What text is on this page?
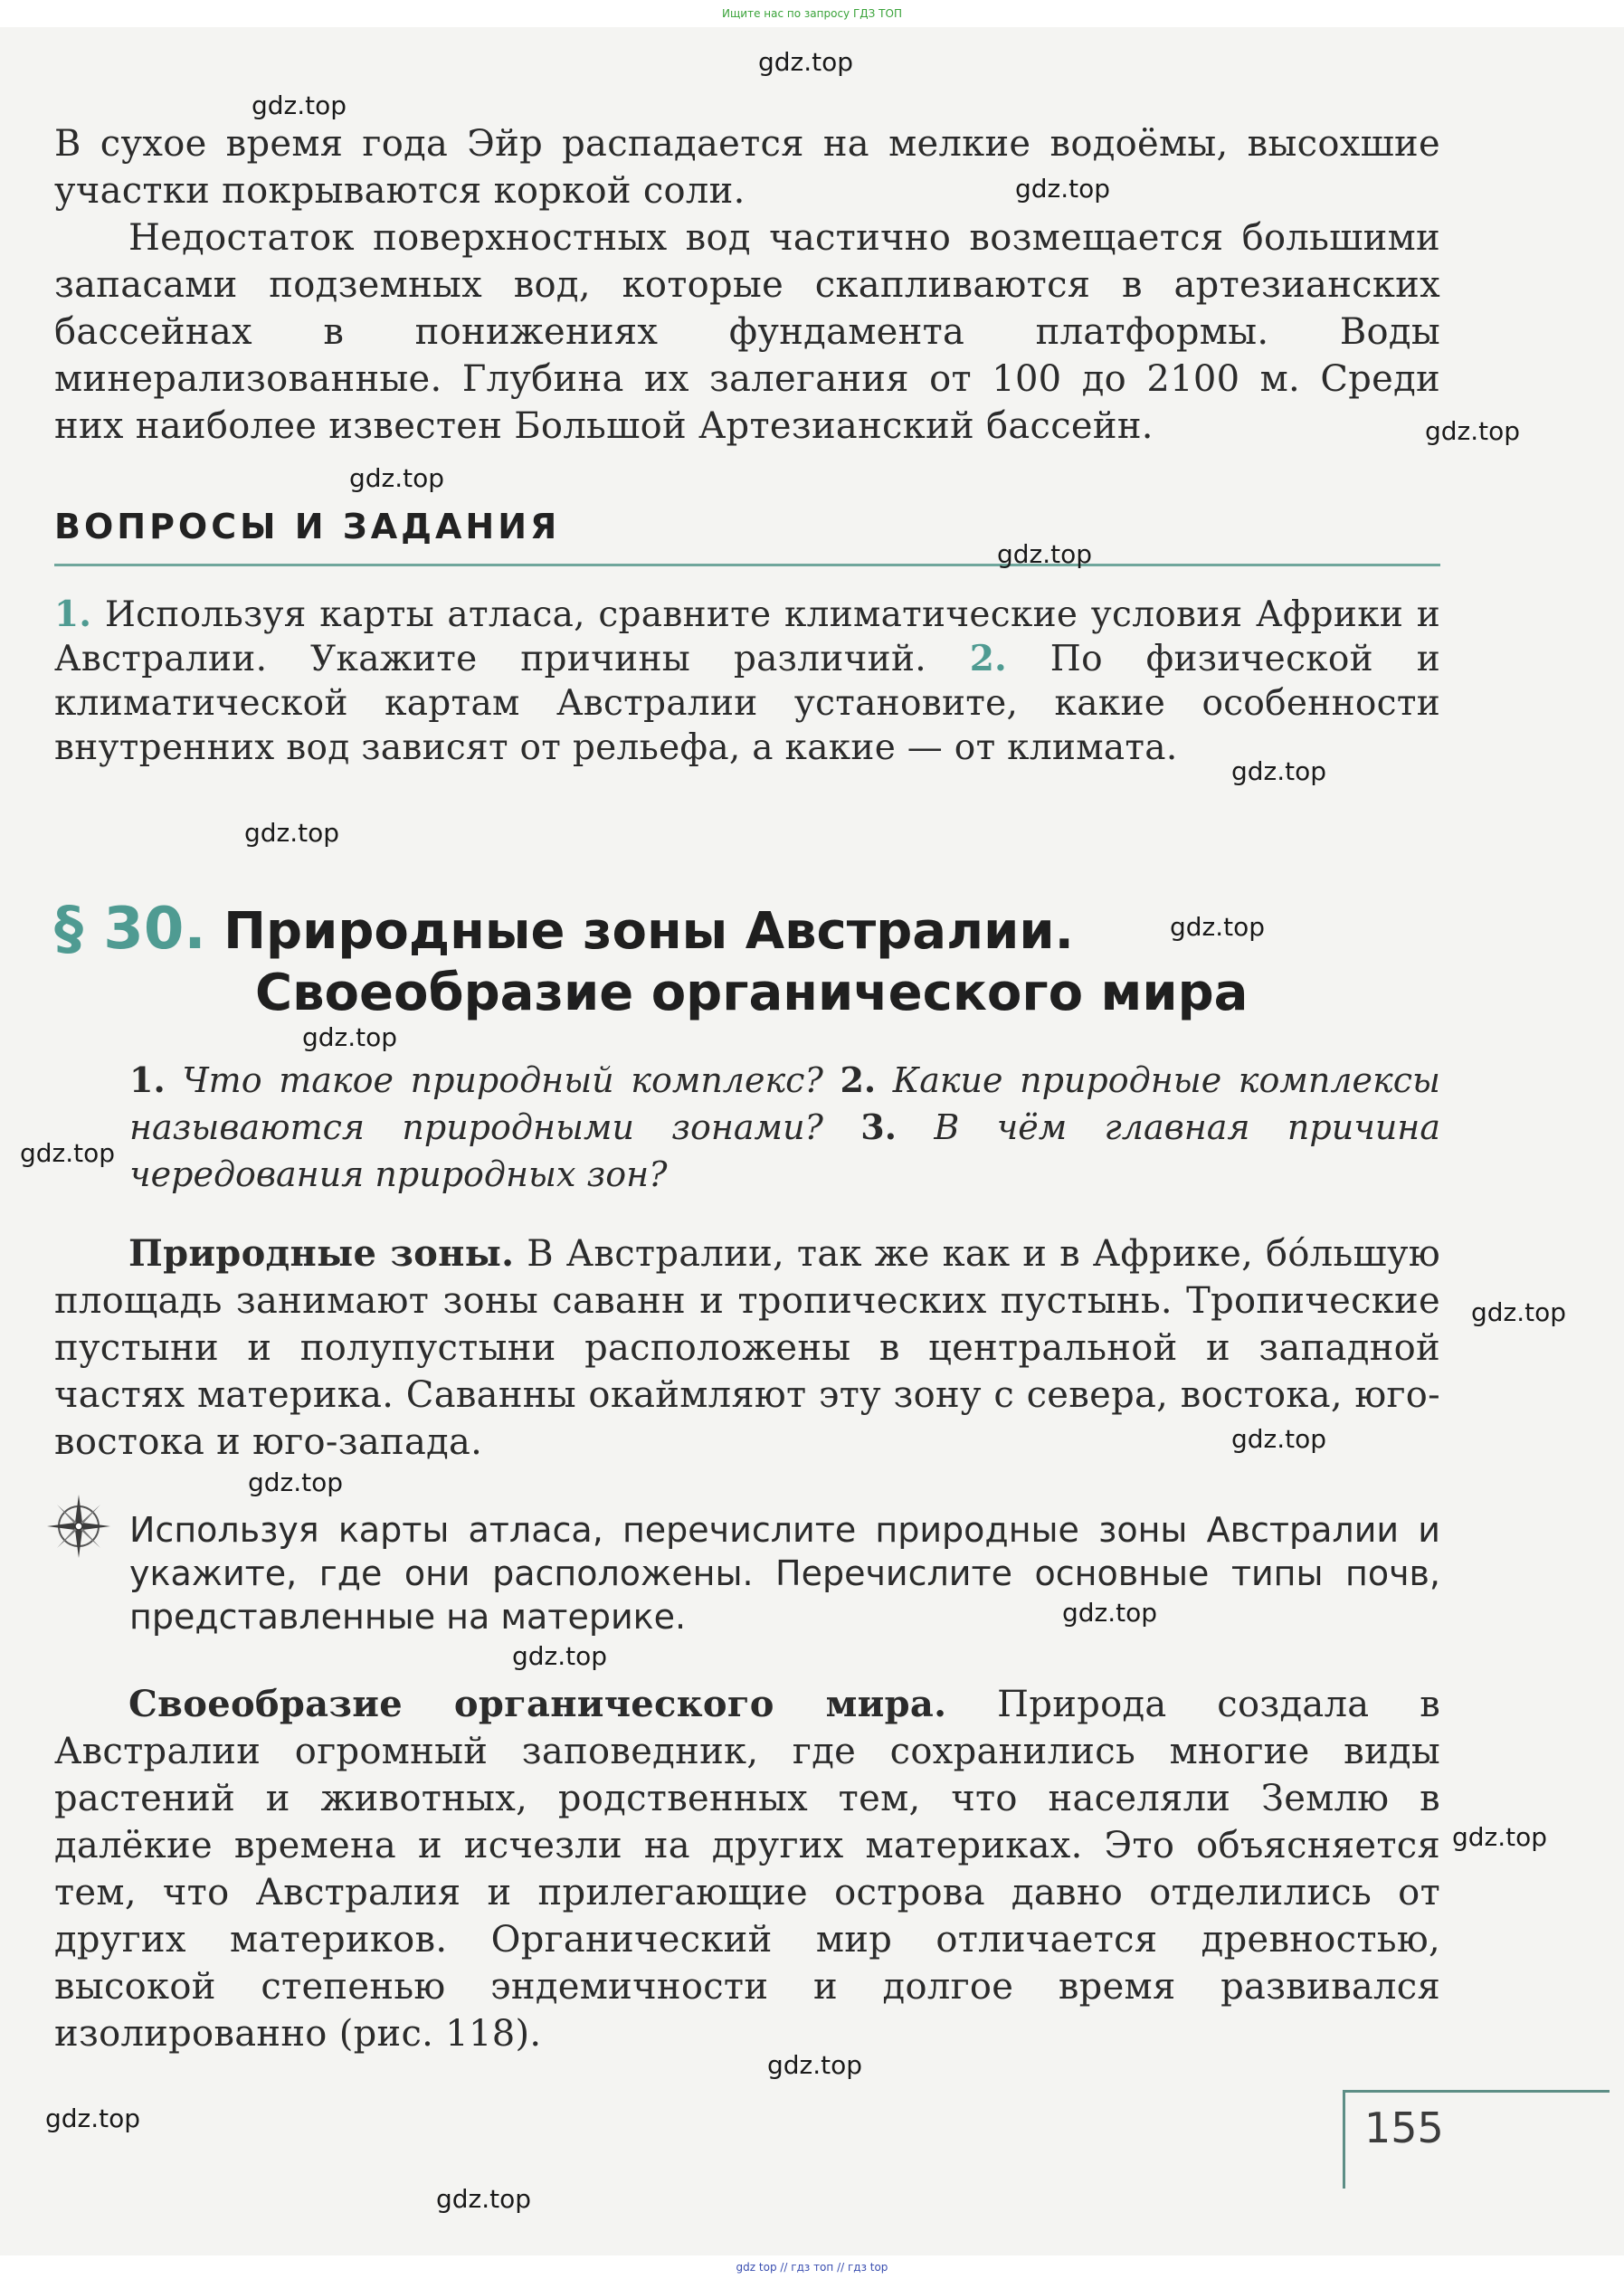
Ищите нас по запросу ГДЗ ТОП
В сухое время года Эйр распадается на мелкие водоёмы, высохшие участки покрываются коркой соли.
Недостаток поверхностных вод частично возмещается большими запасами подземных вод, которые скапливаются в артезианских бассейнах в понижениях фундамента платформы. Воды минерализованные. Глубина их залегания от 100 до 2100 м. Среди них наиболее известен Большой Артезианский бассейн.
ВОПРОСЫ И ЗАДАНИЯ
1. Используя карты атласа, сравните климатические условия Африки и Австралии. Укажите причины различий. 2. По физической и климатической картам Австралии установите, какие особенности внутренних вод зависят от рельефа, а какие — от климата.
§ 30. Природные зоны Австралии.
Своеобразие органического мира
1. Что такое природный комплекс? 2. Какие природные комплексы называются природными зонами? 3. В чём главная причина чередования природных зон?
Природные зоны. В Австралии, так же как и в Африке, бóльшую площадь занимают зоны саванн и тропических пустынь. Тропические пустыни и полупустыни расположены в центральной и западной частях материка. Саванны окаймляют эту зону с севера, востока, юго-востока и юго-запада.
Используя карты атласа, перечислите природные зоны Австралии и укажите, где они расположены. Перечислите основные типы почв, представленные на материке.
Своеобразие органического мира. Природа создала в Австралии огромный заповедник, где сохранились многие виды растений и животных, родственных тем, что населяли Землю в далёкие времена и исчезли на других материках. Это объясняется тем, что Австралия и прилегающие острова давно отделились от других материков. Органический мир отличается древностью, высокой степенью эндемичности и долгое время развивался изолированно (рис. 118).
155
gdz.top
gdz.top
gdz.top
gdz.top
gdz.top
gdz.top
gdz.top
gdz.top
gdz.top
gdz.top
gdz.top
gdz.top
gdz.top
gdz.top
gdz.top
gdz.top
gdz.top
gdz.top
gdz.top
gdz.top
gdz top // гдз топ // гдз top
